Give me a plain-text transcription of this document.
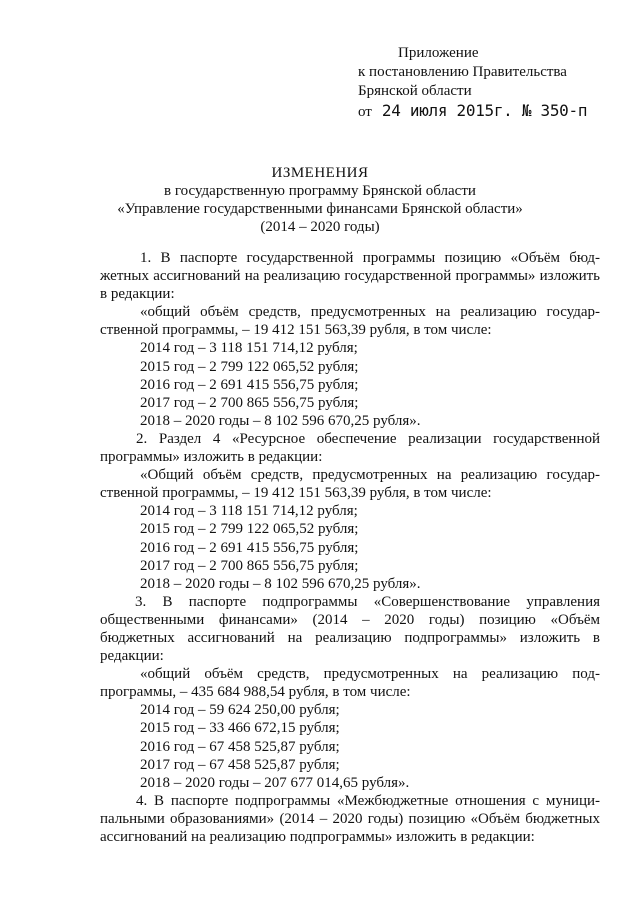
Приложение
к постановлению Правительства
Брянской области
от 24 июля 2015г. № 350-п
ИЗМЕНЕНИЯ
в государственную программу Брянской области
«Управление государственными финансами Брянской области»
(2014 – 2020 годы)
1. В паспорте государственной программы позицию «Объём бюд-
жетных ассигнований на реализацию государственной программы» изложить
в редакции:
«общий объём средств, предусмотренных на реализацию государ-
ственной программы, – 19 412 151 563,39 рубля, в том числе:
2014 год – 3 118 151 714,12 рубля;
2015 год – 2 799 122 065,52 рубля;
2016 год – 2 691 415 556,75 рубля;
2017 год – 2 700 865 556,75 рубля;
2018 – 2020 годы – 8 102 596 670,25 рубля».
2. Раздел 4 «Ресурсное обеспечение реализации государственной
программы» изложить в редакции:
«Общий объём средств, предусмотренных на реализацию государ-
ственной программы, – 19 412 151 563,39 рубля, в том числе:
2014 год – 3 118 151 714,12 рубля;
2015 год – 2 799 122 065,52 рубля;
2016 год – 2 691 415 556,75 рубля;
2017 год – 2 700 865 556,75 рубля;
2018 – 2020 годы – 8 102 596 670,25 рубля».
3. В паспорте подпрограммы «Совершенствование управления
общественными финансами» (2014 – 2020 годы) позицию «Объём
бюджетных ассигнований на реализацию подпрограммы» изложить в
редакции:
«общий объём средств, предусмотренных на реализацию под-
программы, – 435 684 988,54 рубля, в том числе:
2014 год – 59 624 250,00 рубля;
2015 год – 33 466 672,15 рубля;
2016 год – 67 458 525,87 рубля;
2017 год – 67 458 525,87 рубля;
2018 – 2020 годы – 207 677 014,65 рубля».
4. В паспорте подпрограммы «Межбюджетные отношения с муници-
пальными образованиями» (2014 – 2020 годы) позицию «Объём бюджетных
ассигнований на реализацию подпрограммы» изложить в редакции:
